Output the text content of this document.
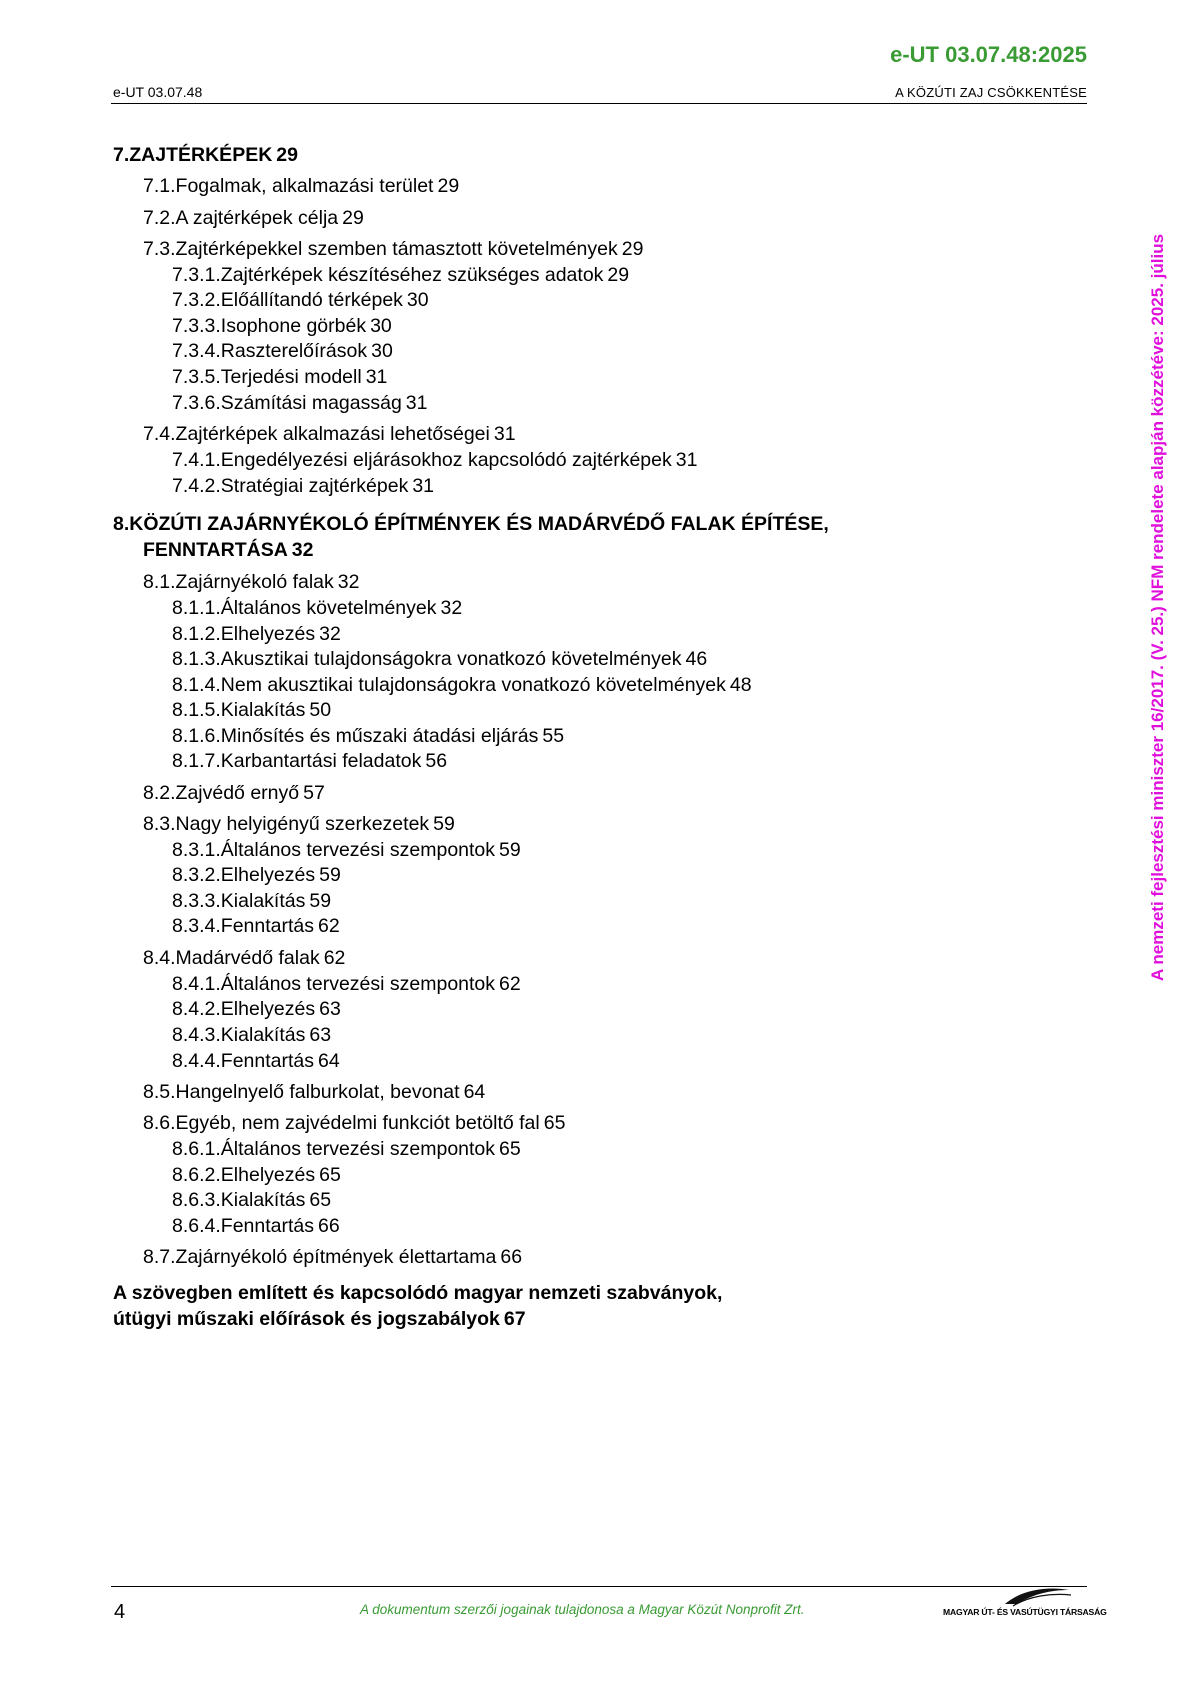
e-UT 03.07.48:2025
e-UT 03.07.48	A KÖZÚTI ZAJ CSÖKKENTÉSE
A nemzeti fejlesztési miniszter 16/2017. (V. 25.) NFM rendelete alapján közzétéve: 2025. július
7. ZAJTÉRKÉPEK 29
7.1. Fogalmak, alkalmazási terület 29
7.2. A zajtérképek célja 29
7.3. Zajtérképekkel szemben támasztott követelmények 29
7.3.1. Zajtérképek készítéséhez szükséges adatok 29
7.3.2. Előállítandó térképek 30
7.3.3. Isophone görbék 30
7.3.4. Raszterelőírások 30
7.3.5. Terjedési modell 31
7.3.6. Számítási magasság 31
7.4. Zajtérképek alkalmazási lehetőségei 31
7.4.1. Engedélyezési eljárásokhoz kapcsolódó zajtérképek 31
7.4.2. Stratégiai zajtérképek 31
8. KÖZÚTI ZAJÁRNYÉKOLÓ ÉPÍTMÉNYEK ÉS MADÁRVÉDŐ FALAK ÉPÍTÉSE,
FENNTARTÁSA 32
8.1. Zajárnyékoló falak 32
8.1.1. Általános követelmények 32
8.1.2. Elhelyezés 32
8.1.3. Akusztikai tulajdonságokra vonatkozó követelmények 46
8.1.4. Nem akusztikai tulajdonságokra vonatkozó követelmények 48
8.1.5. Kialakítás 50
8.1.6. Minősítés és műszaki átadási eljárás 55
8.1.7. Karbantartási feladatok 56
8.2. Zajvédő ernyő 57
8.3. Nagy helyigényű szerkezetek 59
8.3.1. Általános tervezési szempontok 59
8.3.2. Elhelyezés 59
8.3.3. Kialakítás 59
8.3.4. Fenntartás 62
8.4. Madárvédő falak 62
8.4.1. Általános tervezési szempontok 62
8.4.2. Elhelyezés 63
8.4.3. Kialakítás 63
8.4.4. Fenntartás 64
8.5. Hangelnyelő falburkolat, bevonat 64
8.6. Egyéb, nem zajvédelmi funkciót betöltő fal 65
8.6.1. Általános tervezési szempontok 65
8.6.2. Elhelyezés 65
8.6.3. Kialakítás 65
8.6.4. Fenntartás 66
8.7. Zajárnyékoló építmények élettartama 66
A szövegben említett és kapcsolódó magyar nemzeti szabványok,
útügyi műszaki előírások és jogszabályok 67
4	A dokumentum szerzői jogainak tulajdonosa a Magyar Közút Nonprofit Zrt.	MAGYAR ÚT- ÉS VASÚTÜGYI TÁRSASÁG
